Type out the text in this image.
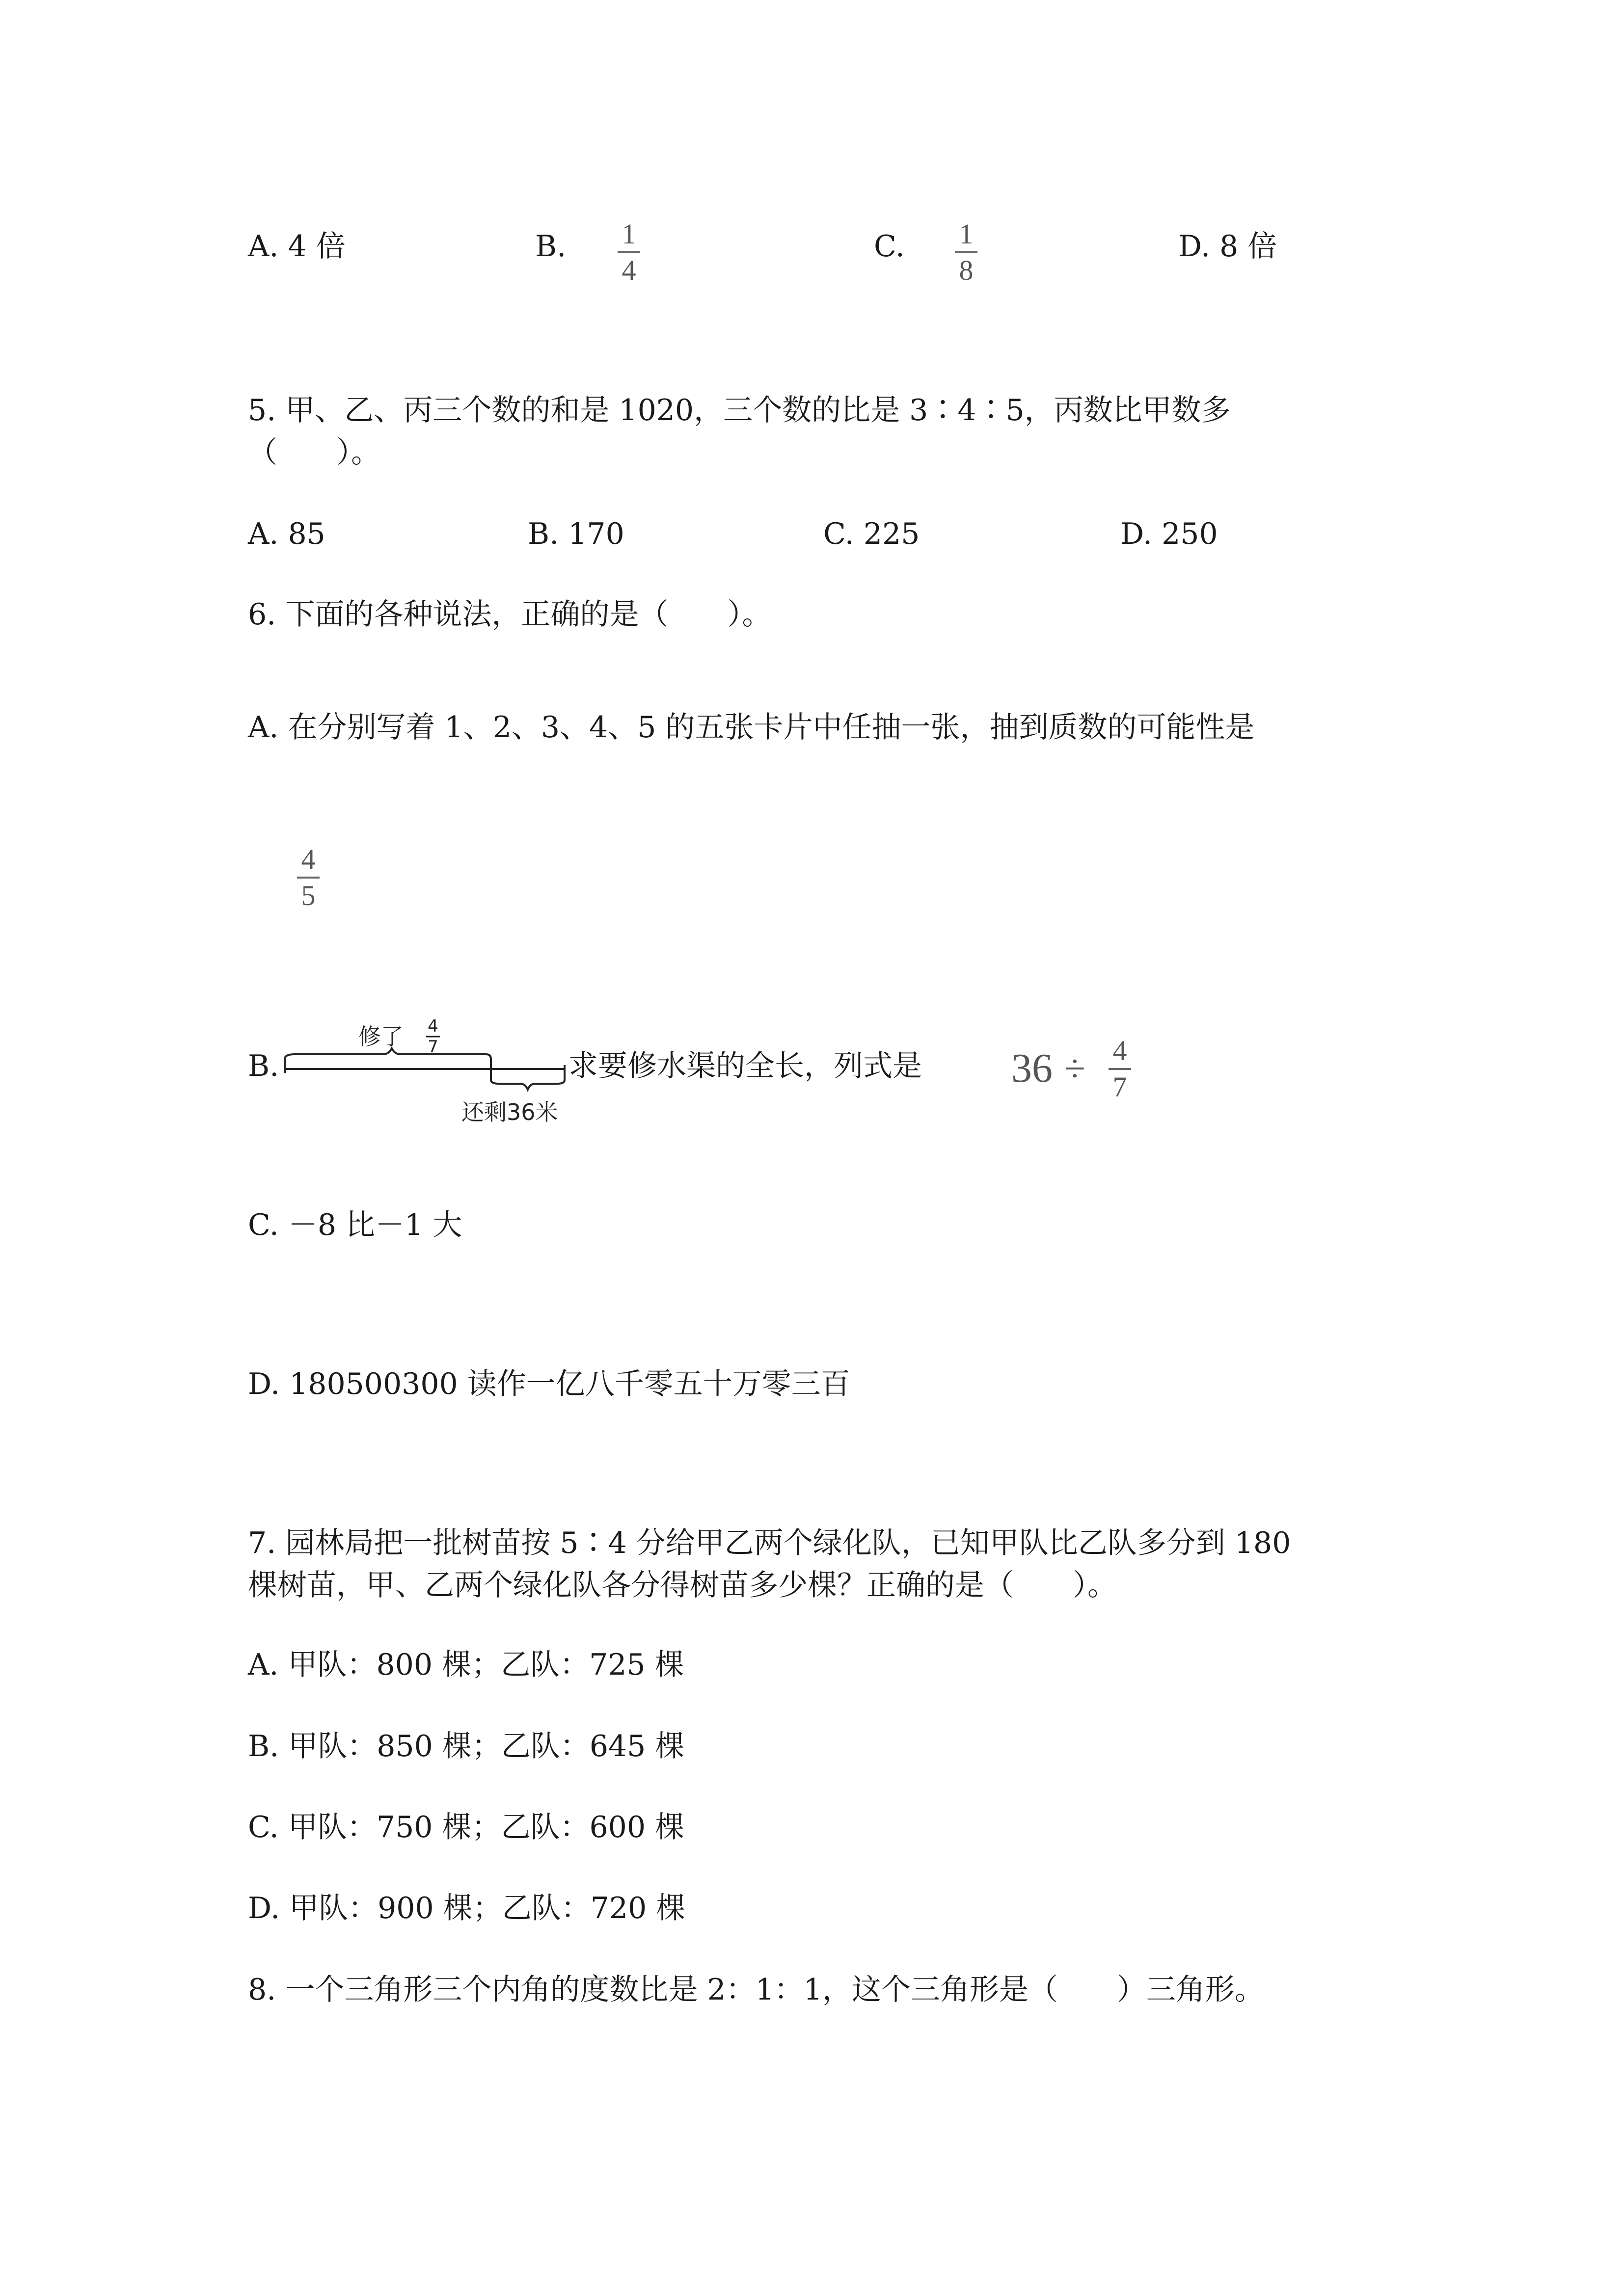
A. 4 倍	B. 1
4
C. 1
8
D. 8 倍
5. 甲、乙、丙三个数的和是 1020，三个数的比是 3∶4∶5，丙数比甲数多
（　　）。
A. 85	B. 170	C. 225	D. 250
6. 下面的各种说法，正确的是（　　）。
A. 在分别写着 1、2、3、4、5 的五张卡片中任抽一张，抽到质数的可能性是
4
5
B.
修了 4
7
还剩36米
求要修水渠的全长，列式是 36 ÷ 4
7
C. －8 比－1 大
D. 180500300 读作一亿八千零五十万零三百
7. 园林局把一批树苗按 5∶4 分给甲乙两个绿化队，已知甲队比乙队多分到 180
棵树苗，甲、乙两个绿化队各分得树苗多少棵？正确的是（　　）。
A. 甲队：800 棵；乙队：725 棵
B. 甲队：850 棵；乙队：645 棵
C. 甲队：750 棵；乙队：600 棵
D. 甲队：900 棵；乙队：720 棵
8. 一个三角形三个内角的度数比是 2：1：1，这个三角形是（　　）三角形。
